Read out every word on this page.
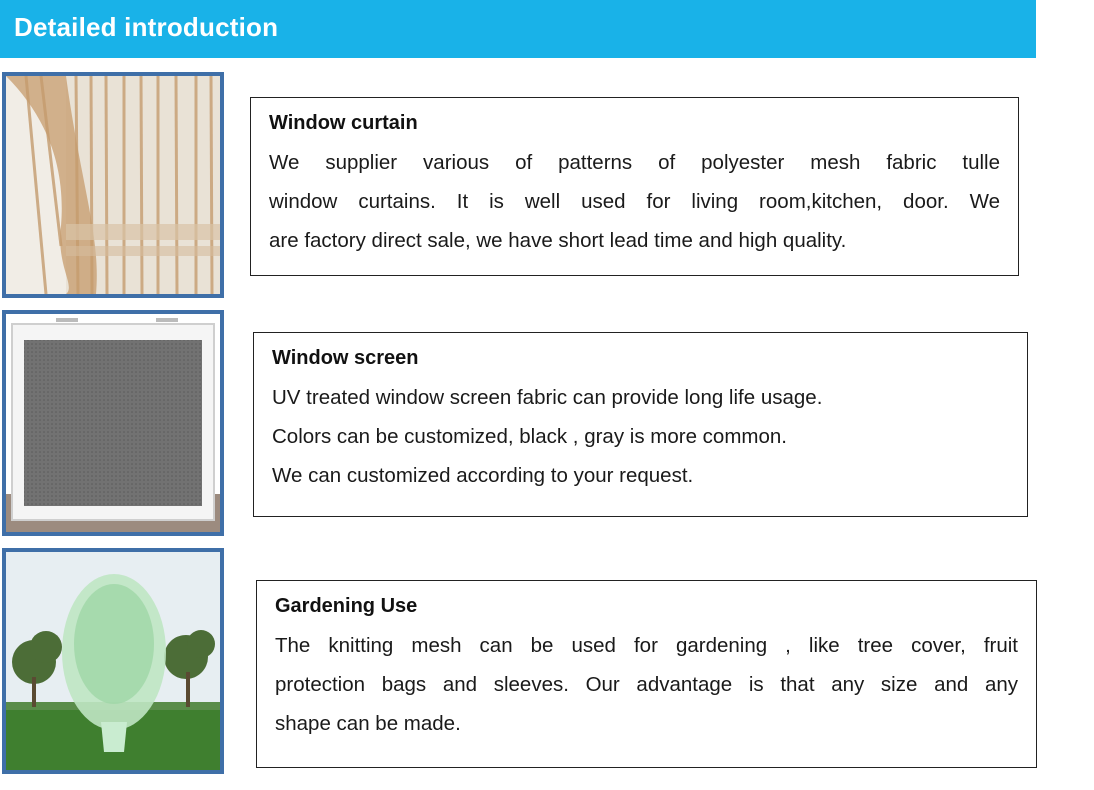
Detailed introduction
Window curtain
We supplier various of patterns of polyester mesh fabric tulle
window curtains. It is well used for living room,kitchen, door. We
are factory direct sale, we have short lead time and high quality.
Window screen
UV treated window screen fabric can provide long life usage.
Colors can be customized, black , gray is more common.
We can customized according to your request.
Gardening Use
The knitting mesh can be used for gardening , like tree cover, fruit
protection bags and sleeves. Our advantage is that any size and any
shape can be made.
